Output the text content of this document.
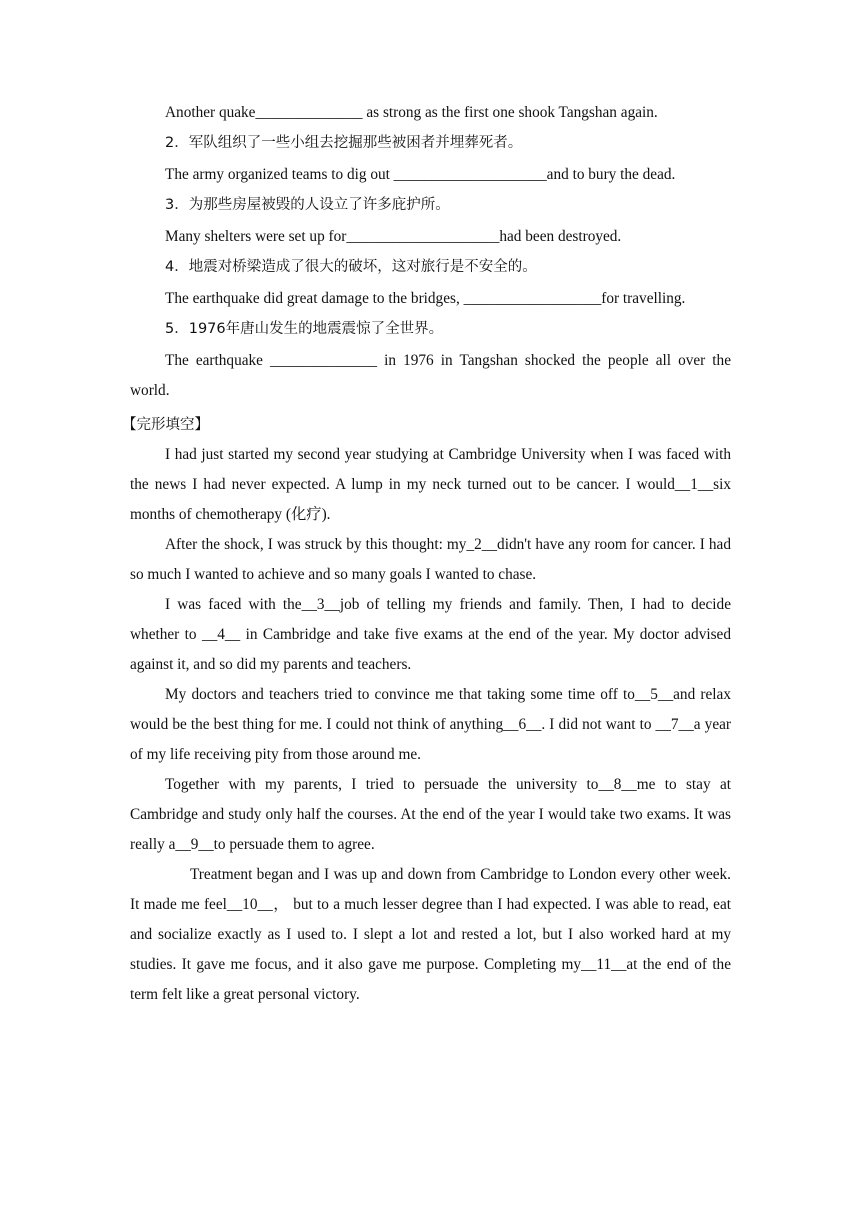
Another quake______________ as strong as the first one shook Tangshan again.

2．军队组织了一些小组去挖掘那些被困者并埋葬死者。

The army organized teams to dig out ____________________and to bury the dead.

3．为那些房屋被毁的人设立了许多庇护所。

Many shelters were set up for____________________had been destroyed.

4．地震对桥梁造成了很大的破坏，这对旅行是不安全的。

The earthquake did great damage to the bridges, __________________for travelling.

5．1976年唐山发生的地震震惊了全世界。

The earthquake ______________ in 1976 in Tangshan shocked the people all over the world.

【完形填空】

I had just started my second year studying at Cambridge University when I was faced with the news I had never expected. A lump in my neck turned out to be cancer. I would__1__six months of chemotherapy (化疗).

After the shock, I was struck by this thought: my_2__didn't have any room for cancer. I had so much I wanted to achieve and so many goals I wanted to chase.

I was faced with the__3__job of telling my friends and family. Then, I had to decide whether to __4__ in Cambridge and take five exams at the end of the year. My doctor advised against it, and so did my parents and teachers.

My doctors and teachers tried to convince me that taking some time off to__5__and relax would be the best thing for me. I could not think of anything__6__. I did not want to __7__a year of my life receiving pity from those around me.

Together with my parents, I tried to persuade the university to__8__me to stay at Cambridge and study only half the courses. At the end of the year I would take two exams. It was really a__9__to persuade them to agree.

Treatment began and I was up and down from Cambridge to London every other week. It made me feel__10__， but to a much lesser degree than I had expected. I was able to read, eat and socialize exactly as I used to. I slept a lot and rested a lot, but I also worked hard at my studies. It gave me focus, and it also gave me purpose. Completing my__11__at the end of the term felt like a great personal victory.
